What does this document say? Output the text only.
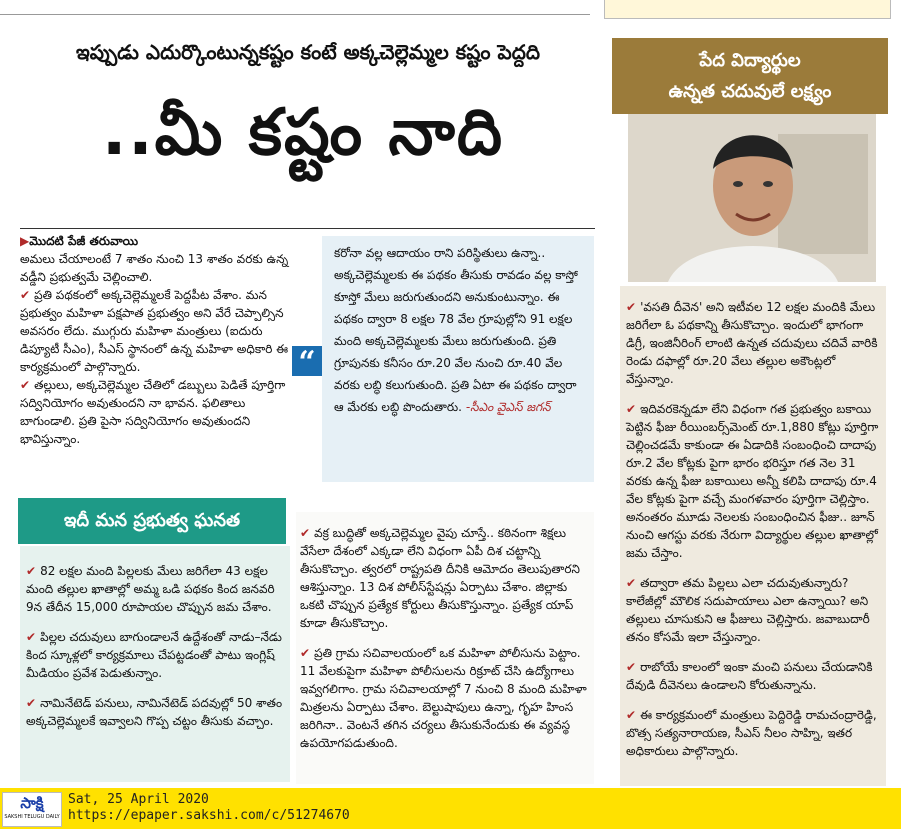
ఇప్పుడు ఎదుర్కొంటున్నకష్టం కంటే అక్కచెల్లెమ్మల కష్టం పెద్దది
..మీ కష్టం నాది
పేద విద్యార్థుల
ఉన్నత చదువులే లక్ష్యం

▶మొదటి పేజీ తరువాయి

అమలు చేయాలంటే 7 శాతం నుంచి 13 శాతం వరకు ఉన్న వడ్డీని ప్రభుత్వమే చెల్లించాలి.

✔ ప్రతి పథకంలో అక్కచెల్లెమ్మలకే పెద్దపీట వేశాం. మన ప్రభుత్వం మహిళా పక్షపాత ప్రభుత్వం అని వేరే చెప్పాల్సిన అవసరం లేదు. ముగ్గురు మహిళా మంత్రులు (ఐదురు డిప్యూటీ సీఎం), సీఎస్ స్థానంలో ఉన్న మహిళా అధికారి ఈ కార్యక్రమంలో పాల్గొన్నారు.

✔ తల్లులు, అక్కచెల్లెమ్మల చేతిలో డబ్బులు పెడితే పూర్తిగా సద్వినియోగం అవుతుందని నా భావన. ఫలితాలు బాగుండాలి. ప్రతి పైసా సద్వినియోగం అవుతుందని భావిస్తున్నాం.

“
కరోనా వల్ల ఆదాయం రాని పరిస్థితులు ఉన్నా.. అక్కచెల్లెమ్మలకు ఈ పథకం తీసుకు రావడం వల్ల కాస్తో కూస్తో మేలు జరుగుతుందని అనుకుంటున్నాం. ఈ పథకం ద్వారా 8 లక్షల 78 వేల గ్రూపుల్లోని 91 లక్షల మంది అక్కచెల్లెమ్మలకు మేలు జరుగుతుంది. ప్రతి గ్రూపునకు కనీసం రూ.20 వేల నుంచి రూ.40 వేల వరకు లబ్ధి కలుగుతుంది. ప్రతి ఏటా ఈ పథకం ద్వారా ఆ మేరకు లబ్ధి పొందుతారు. -సీఎం వైఎస్ జగన్
ఇదీ మన ప్రభుత్వ ఘనత

✔ 82 లక్షల మంది పిల్లలకు మేలు జరిగేలా 43 లక్షల మంది తల్లుల ఖాతాల్లో అమ్మ ఒడి పథకం కింద జనవరి 9న తేదీన 15,000 రూపాయల చొప్పున జమ చేశాం.

✔ పిల్లల చదువులు బాగుండాలనే ఉద్దేశంతో నాడు–నేడు కింద స్కూళ్లలో కార్యక్రమాలు చేపట్టడంతో పాటు ఇంగ్లిష్ మీడియం ప్రవేశ పెడుతున్నాం.

✔ నామినేటెడ్ పనులు, నామినేటెడ్ పదవుల్లో 50 శాతం అక్కచెల్లెమ్మలకే ఇవ్వాలని గొప్ప చట్టం తీసుకు వచ్చాం.

✔ వక్ర బుద్ధితో అక్కచెల్లెమ్మల వైపు చూస్తే.. కఠినంగా శిక్షలు వేసేలా దేశంలో ఎక్కడా లేని విధంగా ఏపీ దిశ చట్టాన్ని తీసుకొచ్చాం. త్వరలో రాష్ట్రపతి దీనికి ఆమోదం తెలుపుతారని ఆశిస్తున్నాం. 13 దిశ పోలీస్‌స్టేషన్లు ఏర్పాటు చేశాం. జిల్లాకు ఒకటి చొప్పున ప్రత్యేక కోర్టులు తీసుకొస్తున్నాం. ప్రత్యేక యాప్ కూడా తీసుకొచ్చాం.

✔ ప్రతి గ్రామ సచివాలయంలో ఒక మహిళా పోలీసును పెట్టాం. 11 వేలకుపైగా మహిళా పోలీసులను రిక్రూట్ చేసి ఉద్యోగాలు ఇవ్వగలిగాం. గ్రామ సచివాలయాల్లో 7 నుంచి 8 మంది మహిళా మిత్రలను ఏర్పాటు చేశాం. బెల్టుషాపులు ఉన్నా, గృహ హింస జరిగినా.. వెంటనే తగిన చర్యలు తీసుకునేందుకు ఈ వ్యవస్థ ఉపయోగపడుతుంది.

✔ 'వసతి దీవెన' అని ఇటీవల 12 లక్షల మందికి మేలు జరిగేలా ఓ పథకాన్ని తీసుకొచ్చాం. ఇందులో భాగంగా డిగ్రీ, ఇంజినీరింగ్ లాంటి ఉన్నత చదువులు చదివే వారికి రెండు దఫాల్లో రూ.20 వేలు తల్లుల అకౌంట్లలో వేస్తున్నాం.

✔ ఇదివరకెన్నడూ లేని విధంగా గత ప్రభుత్వం బకాయి పెట్టిన ఫీజు రీయింబర్స్‌మెంట్ రూ.1,880 కోట్లు పూర్తిగా చెల్లించడమే కాకుండా ఈ ఏడాదికి సంబంధించి దాదాపు రూ.2 వేల కోట్లకు పైగా భారం భరిస్తూ గత నెల 31 వరకు ఉన్న ఫీజు బకాయిలు అన్నీ కలిపి దాదాపు రూ.4 వేల కోట్లకు పైగా వచ్చే మంగళవారం పూర్తిగా చెల్లిస్తాం. అనంతరం మూడు నెలలకు సంబంధించిన ఫీజు.. జూన్ నుంచి ఆగస్టు వరకు నేరుగా విద్యార్థుల తల్లుల ఖాతాల్లో జమ చేస్తాం.

✔ తద్వారా తమ పిల్లలు ఎలా చదువుతున్నారు? కాలేజీల్లో మౌలిక సదుపాయాలు ఎలా ఉన్నాయి? అని తల్లులు చూసుకుని ఆ ఫీజులు చెల్లిస్తారు. జవాబుదారీ తనం కోసమే ఇలా చేస్తున్నాం.

✔ రాబోయే కాలంలో ఇంకా మంచి పనులు చేయడానికి దేవుడి దీవెనలు ఉండాలని కోరుతున్నాను.

✔ ఈ కార్యక్రమంలో మంత్రులు పెద్దిరెడ్డి రామచంద్రారెడ్డి, బొత్స సత్యనారాయణ, సీఎస్ నీలం సాహ్ని, ఇతర అధికారులు పాల్గొన్నారు.

సాక్షి
SAKSHI TELUGU DAILY
Sat, 25 April 2020
https://epaper.sakshi.com/c/51274670
